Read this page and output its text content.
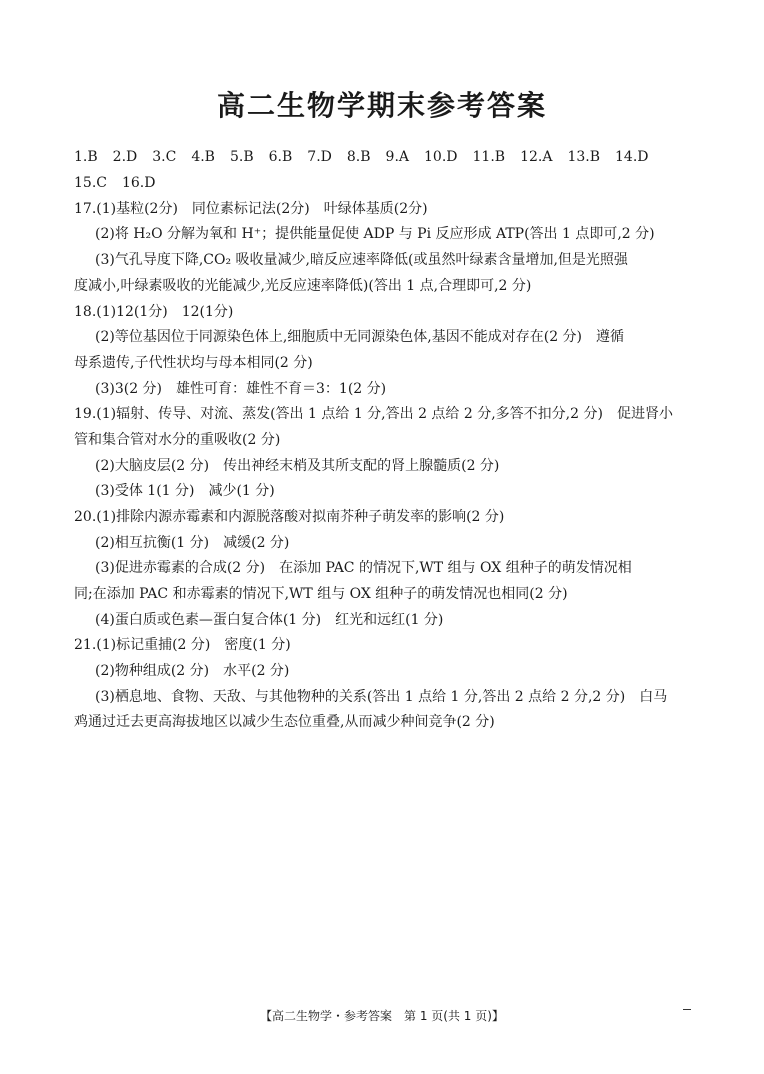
高二生物学期末参考答案
1.B 2.D 3.C 4.B 5.B 6.B 7.D 8.B 9.A 10.D 11.B 12.A 13.B 14.D
15.C 16.D
17.(1)基粒(2分)　同位素标记法(2分)　叶绿体基质(2分)
(2)将 H₂O 分解为氧和 H⁺；提供能量促使 ADP 与 Pi 反应形成 ATP(答出 1 点即可,2 分)
(3)气孔导度下降,CO₂ 吸收量减少,暗反应速率降低(或虽然叶绿素含量增加,但是光照强
度减小,叶绿素吸收的光能减少,光反应速率降低)(答出 1 点,合理即可,2 分)
18.(1)12(1分)　12(1分)
(2)等位基因位于同源染色体上,细胞质中无同源染色体,基因不能成对存在(2 分)　遵循
母系遗传,子代性状均与母本相同(2 分)
(3)3(2 分)　雄性可育：雄性不育＝3：1(2 分)
19.(1)辐射、传导、对流、蒸发(答出 1 点给 1 分,答出 2 点给 2 分,多答不扣分,2 分)　促进肾小
管和集合管对水分的重吸收(2 分)
(2)大脑皮层(2 分)　传出神经末梢及其所支配的肾上腺髓质(2 分)
(3)受体 1(1 分)　减少(1 分)
20.(1)排除内源赤霉素和内源脱落酸对拟南芥种子萌发率的影响(2 分)
(2)相互抗衡(1 分)　减缓(2 分)
(3)促进赤霉素的合成(2 分)　在添加 PAC 的情况下,WT 组与 OX 组种子的萌发情况相
同;在添加 PAC 和赤霉素的情况下,WT 组与 OX 组种子的萌发情况也相同(2 分)
(4)蛋白质或色素—蛋白复合体(1 分)　红光和远红(1 分)
21.(1)标记重捕(2 分)　密度(1 分)
(2)物种组成(2 分)　水平(2 分)
(3)栖息地、食物、天敌、与其他物种的关系(答出 1 点给 1 分,答出 2 点给 2 分,2 分)　白马
鸡通过迁去更高海拔地区以减少生态位重叠,从而减少种间竞争(2 分)
【高二生物学・参考答案　第 1 页(共 1 页)】
